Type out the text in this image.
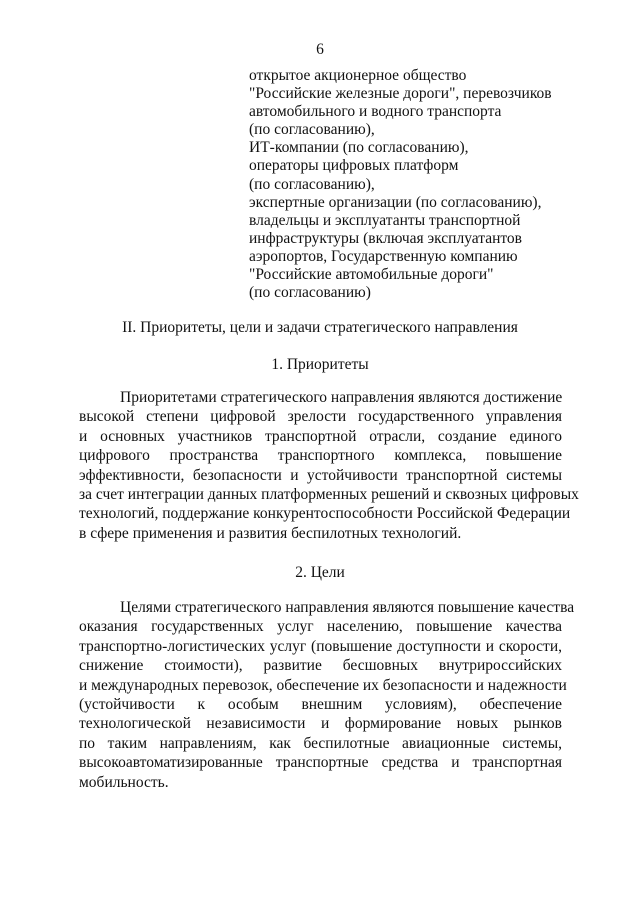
6
открытое акционерное общество
"Российские железные дороги", перевозчиков
автомобильного и водного транспорта
(по согласованию),
ИТ-компании (по согласованию),
операторы цифровых платформ
(по согласованию),
экспертные организации (по согласованию),
владельцы и эксплуатанты транспортной
инфраструктуры (включая эксплуатантов
аэропортов, Государственную компанию
"Российские автомобильные дороги"
(по согласованию)
II. Приоритеты, цели и задачи стратегического направления
1. Приоритеты
Приоритетами стратегического направления являются достижение
высокой степени цифровой зрелости государственного управления
и основных участников транспортной отрасли, создание единого
цифрового пространства транспортного комплекса, повышение
эффективности, безопасности и устойчивости транспортной системы
за счет интеграции данных платформенных решений и сквозных цифровых
технологий, поддержание конкурентоспособности Российской Федерации
в сфере применения и развития беспилотных технологий.
2. Цели
Целями стратегического направления являются повышение качества
оказания государственных услуг населению, повышение качества
транспортно-логистических услуг (повышение доступности и скорости,
снижение стоимости), развитие бесшовных внутрироссийских
и международных перевозок, обеспечение их безопасности и надежности
(устойчивости к особым внешним условиям), обеспечение
технологической независимости и формирование новых рынков
по таким направлениям, как беспилотные авиационные системы,
высокоавтоматизированные транспортные средства и транспортная
мобильность.
